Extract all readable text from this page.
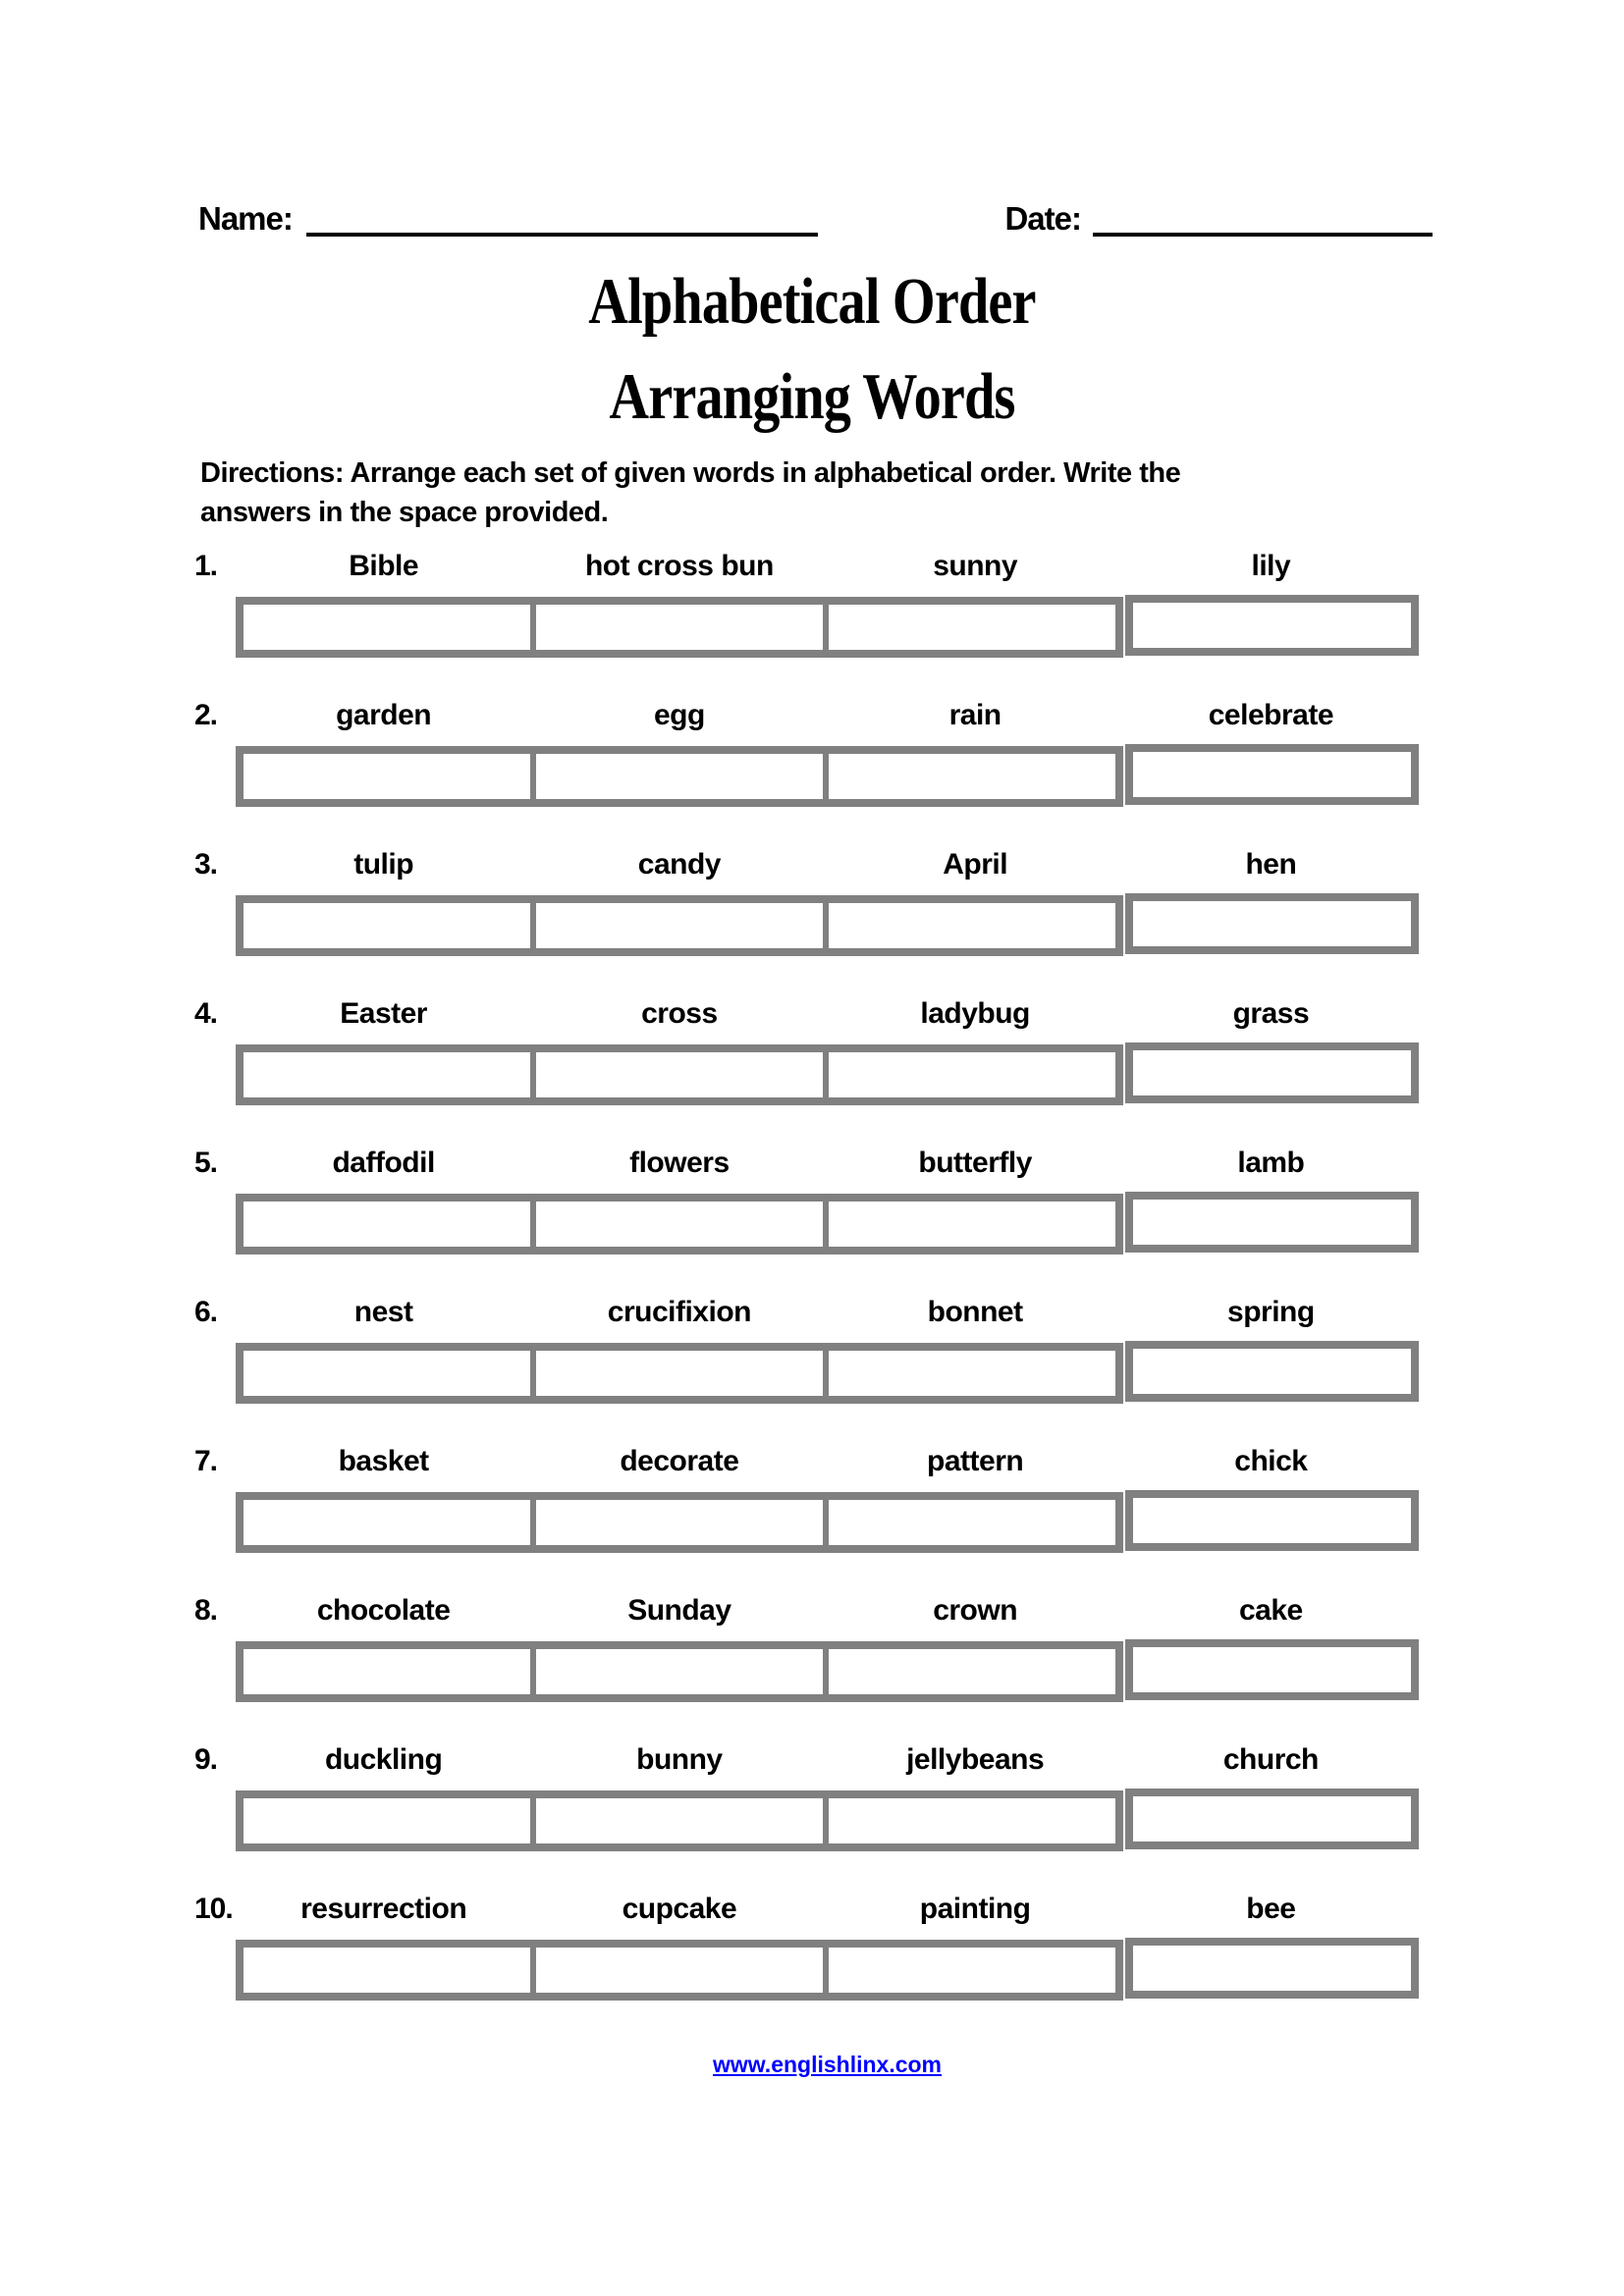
Name:	Date:
Alphabetical Order
Arranging Words
Directions: Arrange each set of given words in alphabetical order. Write the
answers in the space provided.
1.	Bible	hot cross bun	sunny	lily
2.	garden	egg	rain	celebrate
3.	tulip	candy	April	hen
4.	Easter	cross	ladybug	grass
5.	daffodil	flowers	butterfly	lamb
6.	nest	crucifixion	bonnet	spring
7.	basket	decorate	pattern	chick
8.	chocolate	Sunday	crown	cake
9.	duckling	bunny	jellybeans	church
10.	resurrection	cupcake	painting	bee
www.englishlinx.com
